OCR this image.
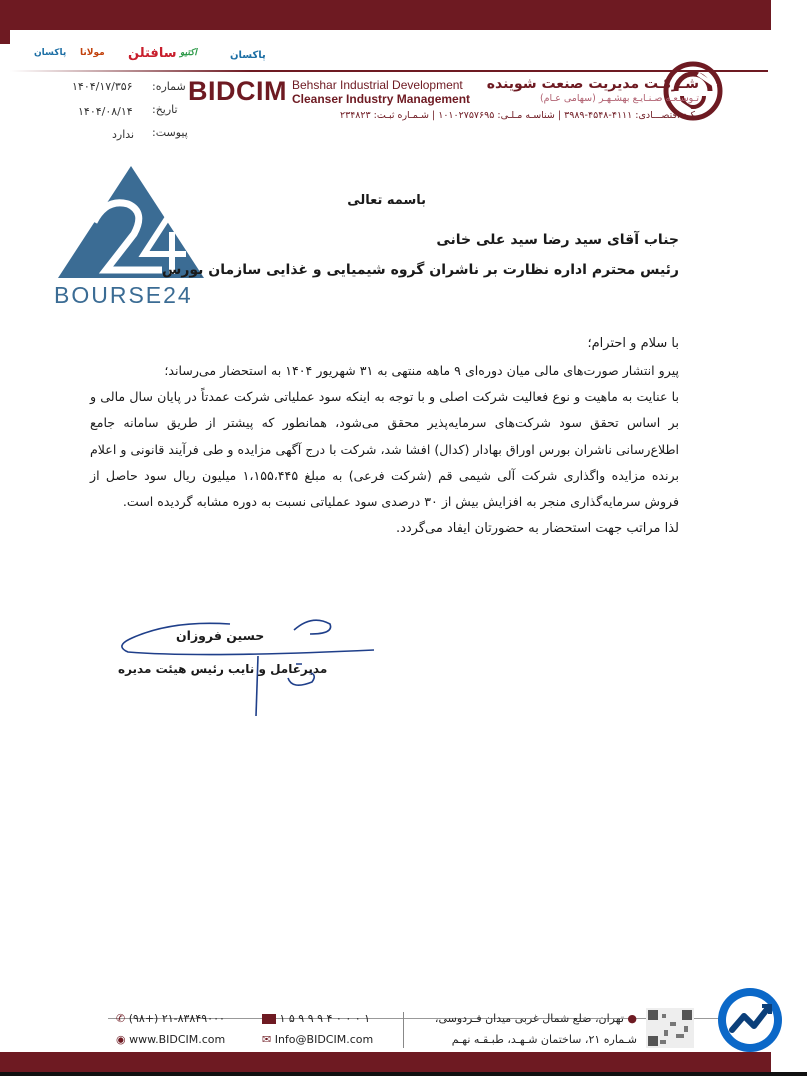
پاکسان مولانا سافتلن اکتیو	پاکسان
شـرکـت مدیریت صنعت شوینده
تـوسـعـه صـنـایـع بهشـهـر (سهامی عـام)
Behshar Industrial Development
Cleanser Industry Management
BIDCIM
کـد اقتصـــادی: ۴۱۱۱-۴۵۴۸-۳۹۸۹ | شناسـه مـلـی: ۱۰۱۰۲۷۵۷۶۹۵ | شـمـاره ثبـت: ۲۳۴۸۲۳
شماره:
۱۴۰۴/۱۷/۳۵۶
تاریخ:
۱۴۰۴/۰۸/۱۴
پیوست:
ندارد
BOURSE24
باسمه تعالی
جناب آقای سید رضا سید علی خانی
رئیس محترم اداره نظارت بر ناشران گروه شیمیایی و غذایی سازمان بورس
با سلام و احترام؛

پیرو انتشار صورت‌های مالی میان دوره‌ای ۹ ماهه منتهی به ۳۱ شهریور ۱۴۰۴ به استحضار می‌رساند؛

با عنایت به ماهیت و نوع فعالیت شرکت اصلی و با توجه به اینکه سود عملیاتی شرکت عمدتاً در پایان سال مالی و بر اساس تحقق سود شرکت‌های سرمایه‌پذیر محقق می‌شود، همانطور که پیشتر از طریق سامانه جامع اطلاع‌رسانی ناشران بورس اوراق بهادار (کدال) افشا شد، شرکت با درج آگهی مزایده و طی فرآیند قانونی و اعلام برنده مزایده واگذاری شرکت آلی شیمی قم (شرکت فرعی) به مبلغ ۱،۱۵۵،۴۴۵ میلیون ریال سود حاصل از فروش سرمایه‌گذاری منجر به افزایش بیش از ۳۰ درصدی سود عملیاتی نسبت به دوره مشابه گردیده است.

لذا مراتب جهت استحضار به حضورتان ایفاد می‌گردد.
حسین فروزان
مدیرعامل و نایب رئیس هیئت مدیره
✆ (۹۸+) ۲۱-۸۳۸۴۹۰۰۰	۱ ۵ ۹ ۹ ۹ ۴ ۰ ۰ ۰ ۱
◉ www.BIDCIM.com	✉ Info@BIDCIM.com
● تهران، ضلع شمال غربی میدان فـردوسی،
شـماره ۲۱، ساختمان شـهـد، طبـقـه نهـم
